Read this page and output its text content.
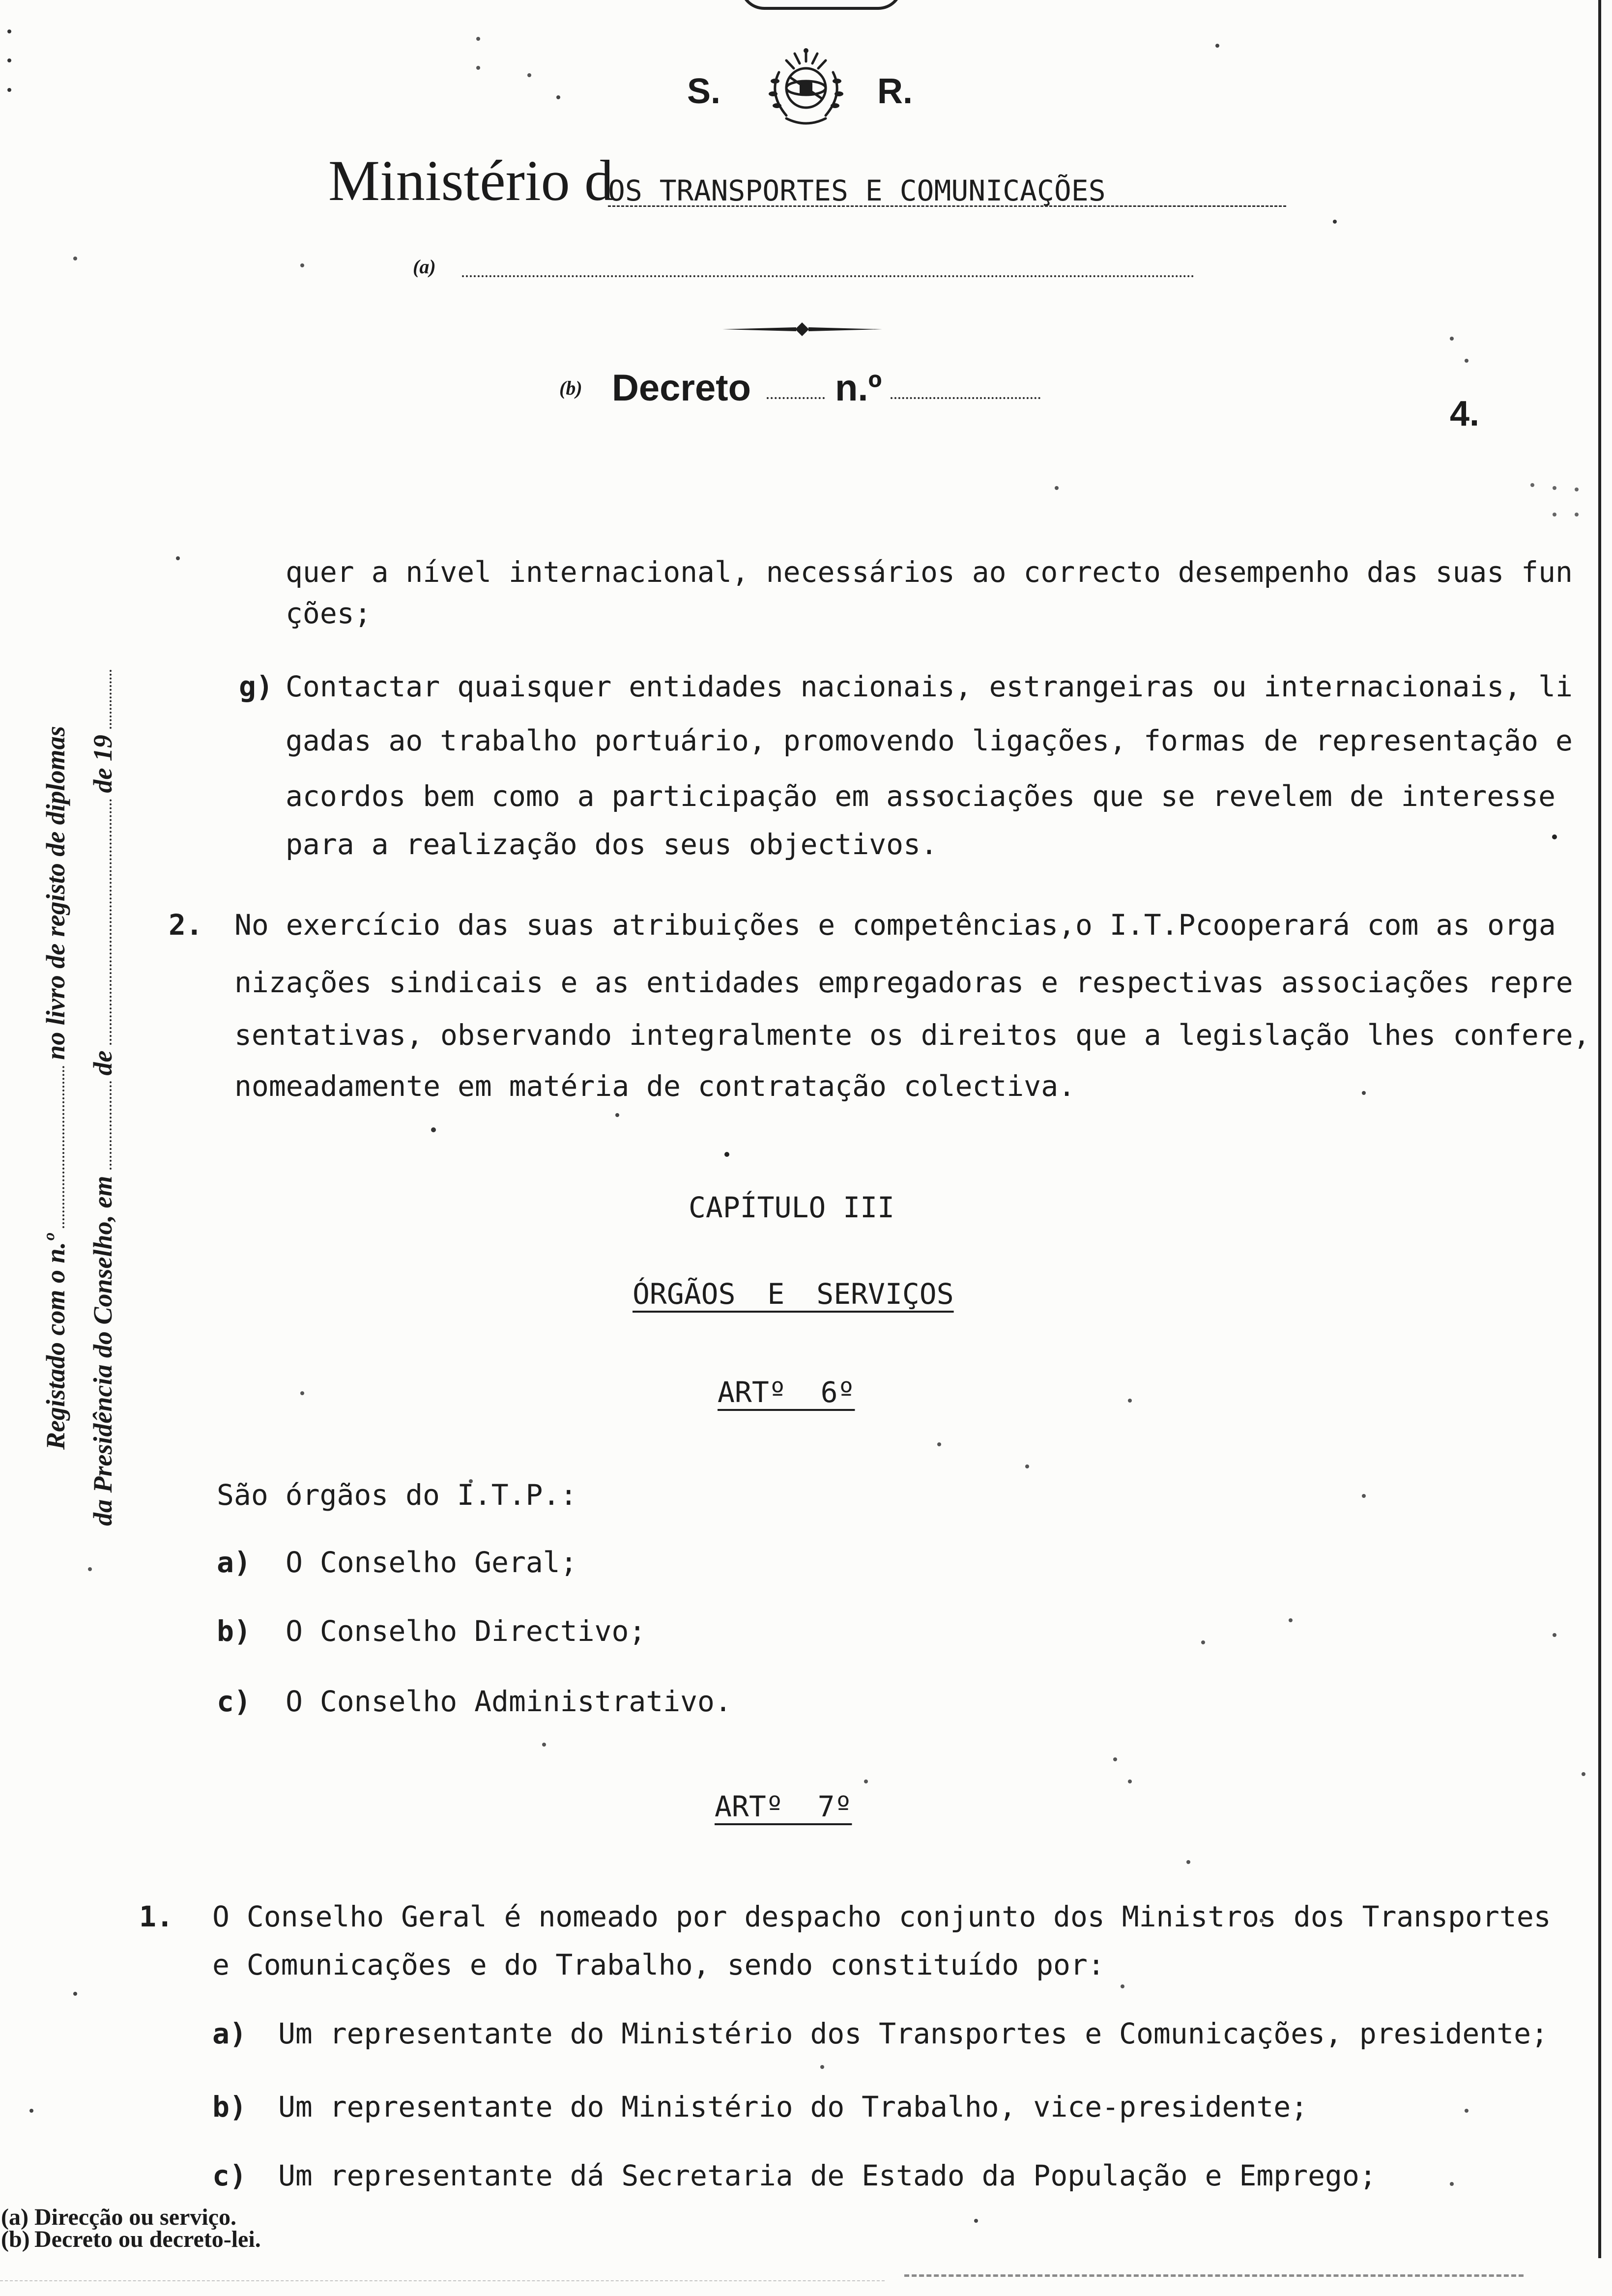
S.	R.
Ministério d
OS TRANSPORTES E COMUNICAÇÕES
(a)
(b) Decreto n.º
4.
Registado com o n.º
no livro de registo de diplomas
da Presidência do Conselho, em
de
de 19
quer a nível internacional, necessários ao correcto desempenho das suas fun
ções;
g) Contactar quaisquer entidades nacionais, estrangeiras ou internacionais, li
gadas ao trabalho portuário, promovendo ligações, formas de representação e
acordos bem como a participação em associações que se revelem de interesse
para a realização dos seus objectivos.
2. No exercício das suas atribuições e competências,o I.T.Pcooperará com as orga
nizações sindicais e as entidades empregadoras e respectivas associações repre
sentativas, observando integralmente os direitos que a legislação lhes confere,
nomeadamente em matéria de contratação colectiva.
CAPÍTULO III
ÓRGÃOS E SERVIÇOS
ARTº 6º
São órgãos do I.T.P.:
a) O Conselho Geral;
b) O Conselho Directivo;
c) O Conselho Administrativo.
ARTº 7º
1. O Conselho Geral é nomeado por despacho conjunto dos Ministros dos Transportes
e Comunicações e do Trabalho, sendo constituído por:
a) Um representante do Ministério dos Transportes e Comunicações, presidente;
b) Um representante do Ministério do Trabalho, vice-presidente;
c) Um representante dá Secretaria de Estado da População e Emprego;
(a) Direcção ou serviço.
(b) Decreto ou decreto-lei.
